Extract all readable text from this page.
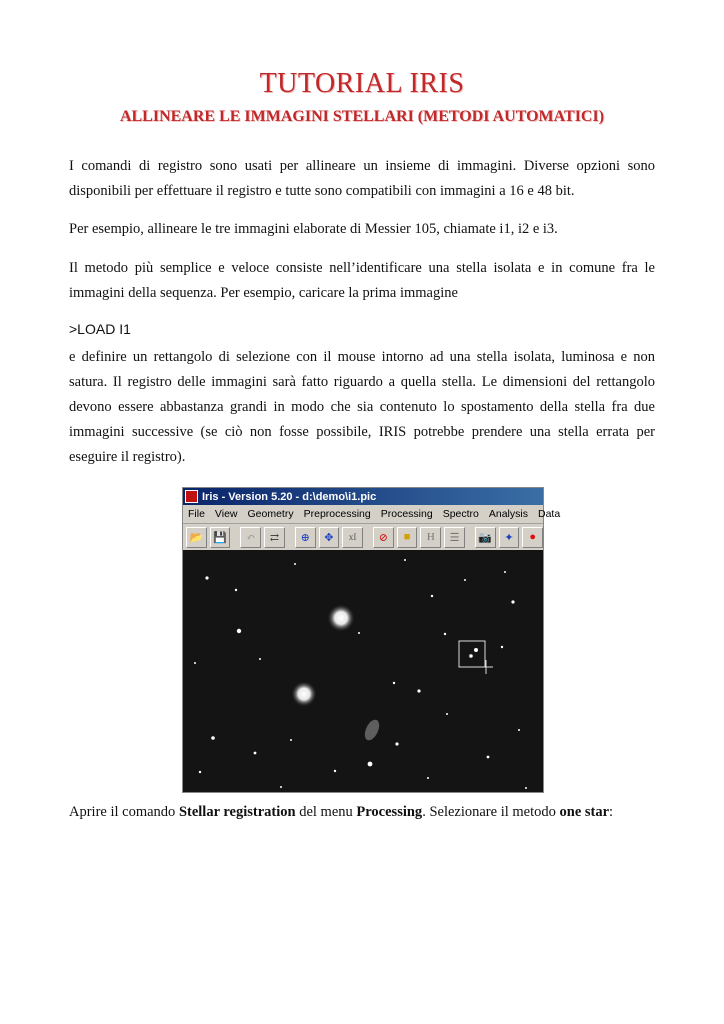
TUTORIAL IRIS
ALLINEARE LE IMMAGINI STELLARI (METODI AUTOMATICI)
I comandi di registro sono usati per allineare un insieme di immagini. Diverse opzioni sono disponibili per effettuare il registro e tutte sono compatibili con immagini a 16 e 48 bit.
Per esempio, allineare le tre immagini elaborate di Messier 105, chiamate i1, i2 e i3.
Il metodo più semplice e veloce consiste nell’identificare una stella isolata e in comune fra le immagini della sequenza. Per esempio, caricare la prima immagine
>LOAD I1
e definire un rettangolo di selezione con il mouse intorno ad una stella isolata, luminosa e non satura. Il registro delle immagini sarà fatto riguardo a quella stella. Le dimensioni del rettangolo devono essere abbastanza grandi in modo che sia contenuto lo spostamento della stella fra due immagini successive (se ciò non fosse possibile, IRIS potrebbe prendere una stella errata per eseguire il registro).
Iris - Version 5.20 - d:\demo\i1.pic
File View Geometry Preprocessing Processing Spectro Analysis Data
📂 💾	↶	⇄	⊕	✥	xI	⊘	■	H	☰	📷	✦	●
Aprire il comando Stellar registration del menu Processing. Selezionare il metodo one star:
